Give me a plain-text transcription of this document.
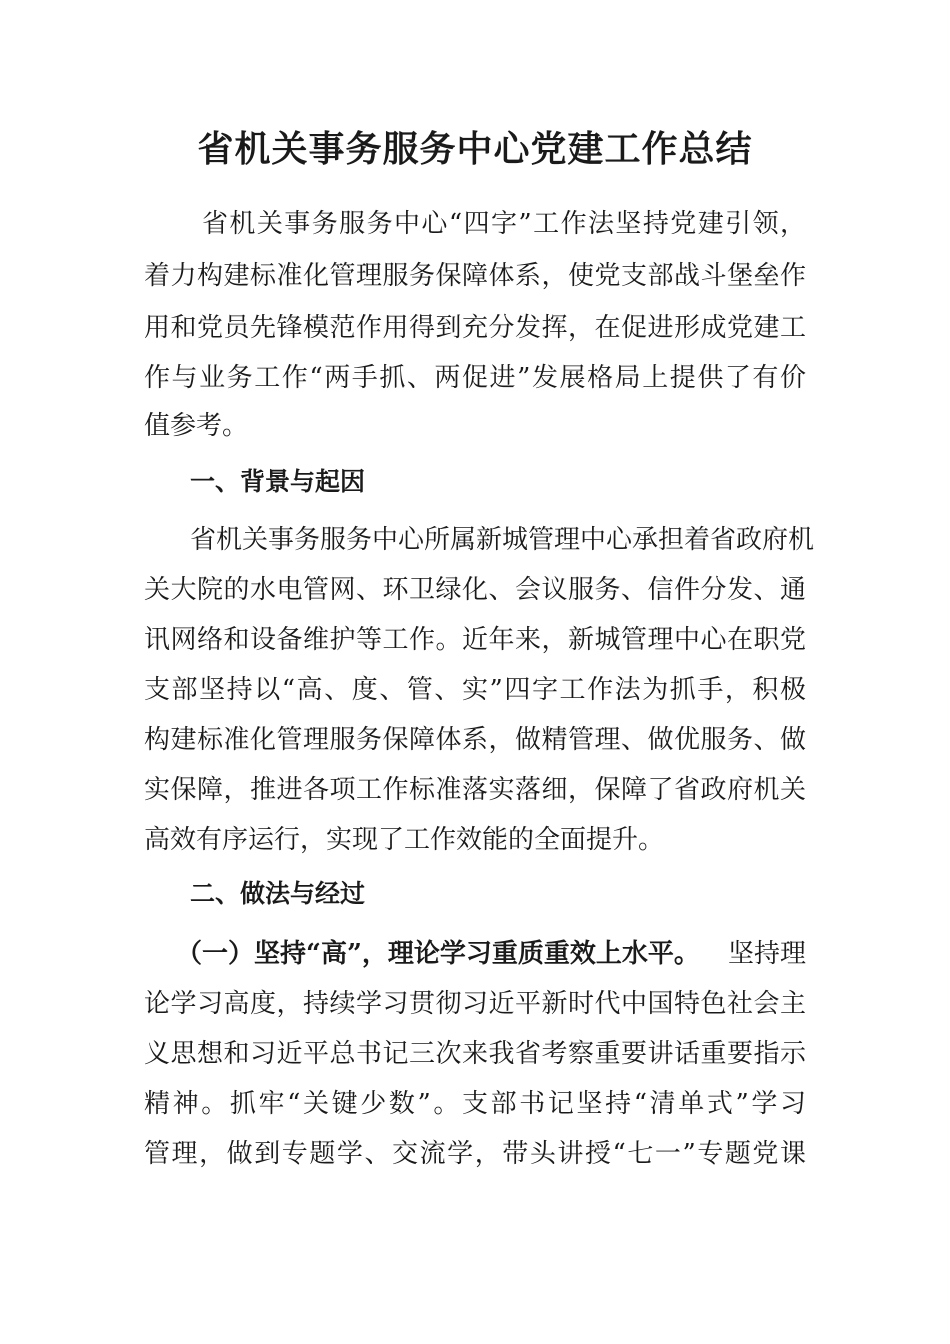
省机关事务服务中心党建工作总结
省机关事务服务中心“四字”工作法坚持党建引领，
着力构建标准化管理服务保障体系，使党支部战斗堡垒作
用和党员先锋模范作用得到充分发挥，在促进形成党建工
作与业务工作“两手抓、两促进”发展格局上提供了有价
值参考。
一、背景与起因
省机关事务服务中心所属新城管理中心承担着省政府机
关大院的水电管网、环卫绿化、会议服务、信件分发、通
讯网络和设备维护等工作。近年来，新城管理中心在职党
支部坚持以“高、度、管、实”四字工作法为抓手，积极
构建标准化管理服务保障体系，做精管理、做优服务、做
实保障，推进各项工作标准落实落细，保障了省政府机关
高效有序运行，实现了工作效能的全面提升。
二、做法与经过
（一）坚持“高”，理论学习重质重效上水平。 坚持理
论学习高度，持续学习贯彻习近平新时代中国特色社会主
义思想和习近平总书记三次来我省考察重要讲话重要指示
精神。抓牢“关键少数”。支部书记坚持“清单式”学习
管理，做到专题学、交流学，带头讲授“七一”专题党课
